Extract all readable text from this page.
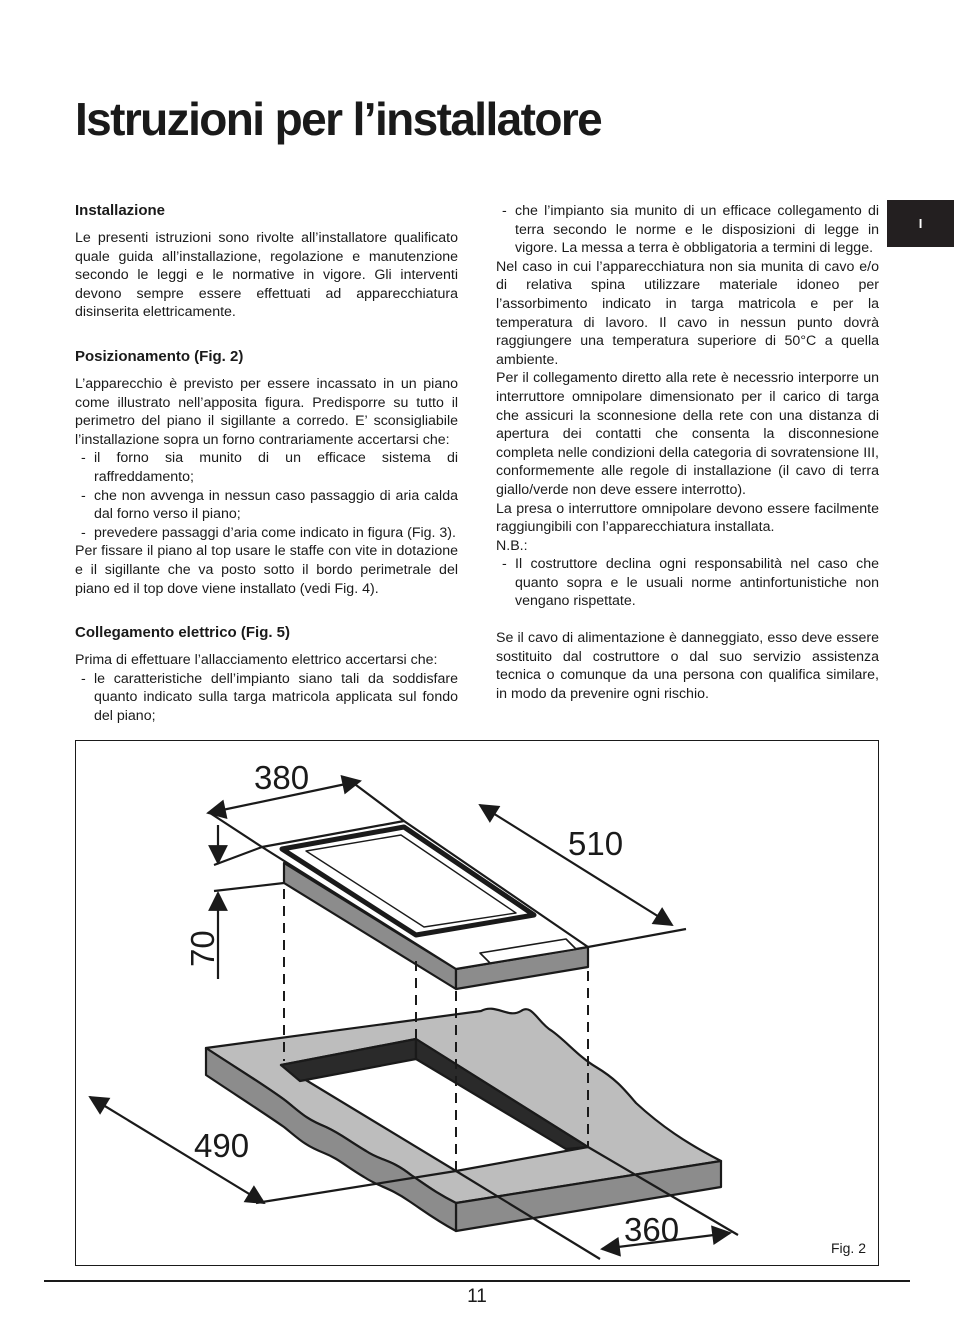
Istruzioni per l’installatore
I
Installazione

Le presenti istruzioni sono rivolte all’installatore qualificato quale guida all’installazione, regolazione e manutenzione secondo le leggi e le normative in vigore. Gli interventi devono sempre essere effettuati ad apparecchiatura disinserita elettricamente.

Posizionamento (Fig. 2)

L’apparecchio è previsto per essere incassato in un piano come illustrato nell’apposita figura. Predisporre su tutto il perimetro del piano il sigillante a corredo. E’ sconsigliabile l’installazione sopra un forno contrariamente accertarsi che:

- il forno sia munito di un efficace sistema di raffreddamento;
- che non avvenga in nessun caso passaggio di aria calda dal forno verso il piano;
- prevedere passaggi d’aria come indicato in figura (Fig. 3).

Per fissare il piano al top usare le staffe con vite in dotazione e il sigillante che va posto sotto il bordo perimetrale del piano ed il top dove viene installato (vedi Fig. 4).

Collegamento elettrico (Fig. 5)

Prima di effettuare l’allacciamento elettrico accertarsi che:

- le caratteristiche dell’impianto siano tali da soddisfare quanto indicato sulla targa matricola applicata sul fondo del piano;
- che l’impianto sia munito di un efficace collegamento di terra secondo le norme e le disposizioni di legge in vigore. La messa a terra è obbligatoria a termini di legge.

Nel caso in cui l’apparecchiatura non sia munita di cavo e/o di relativa spina utilizzare materiale idoneo per l’assorbimento indicato in targa matricola e per la temperatura di lavoro. Il cavo in nessun punto dovrà raggiungere una temperatura superiore di 50°C a quella ambiente.

Per il collegamento diretto alla rete è necessrio interporre un interruttore omnipolare dimensionato per il carico di targa che assicuri la sconnesione della rete con una distanza di apertura dei contatti che consenta la disconnesione completa nelle condizioni della categoria di sovratensione III, conformemente alle regole di installazione (il cavo di terra giallo/verde non deve essere interrotto).

La presa o interruttore omnipolare devono essere facilmente raggiungibili con l’apparecchiatura installata.

N.B.:

- Il costruttore declina ogni responsabilità nel caso che quanto sopra e le usuali norme antinfortunistiche non vengano rispettate.

Se il cavo di alimentazione è danneggiato, esso deve essere sostituito dal costruttore o dal suo servizio assistenza tecnica o comunque da una persona con qualifica similare, in modo da prevenire ogni rischio.

380
510
70
490
360	Fig. 2
11
